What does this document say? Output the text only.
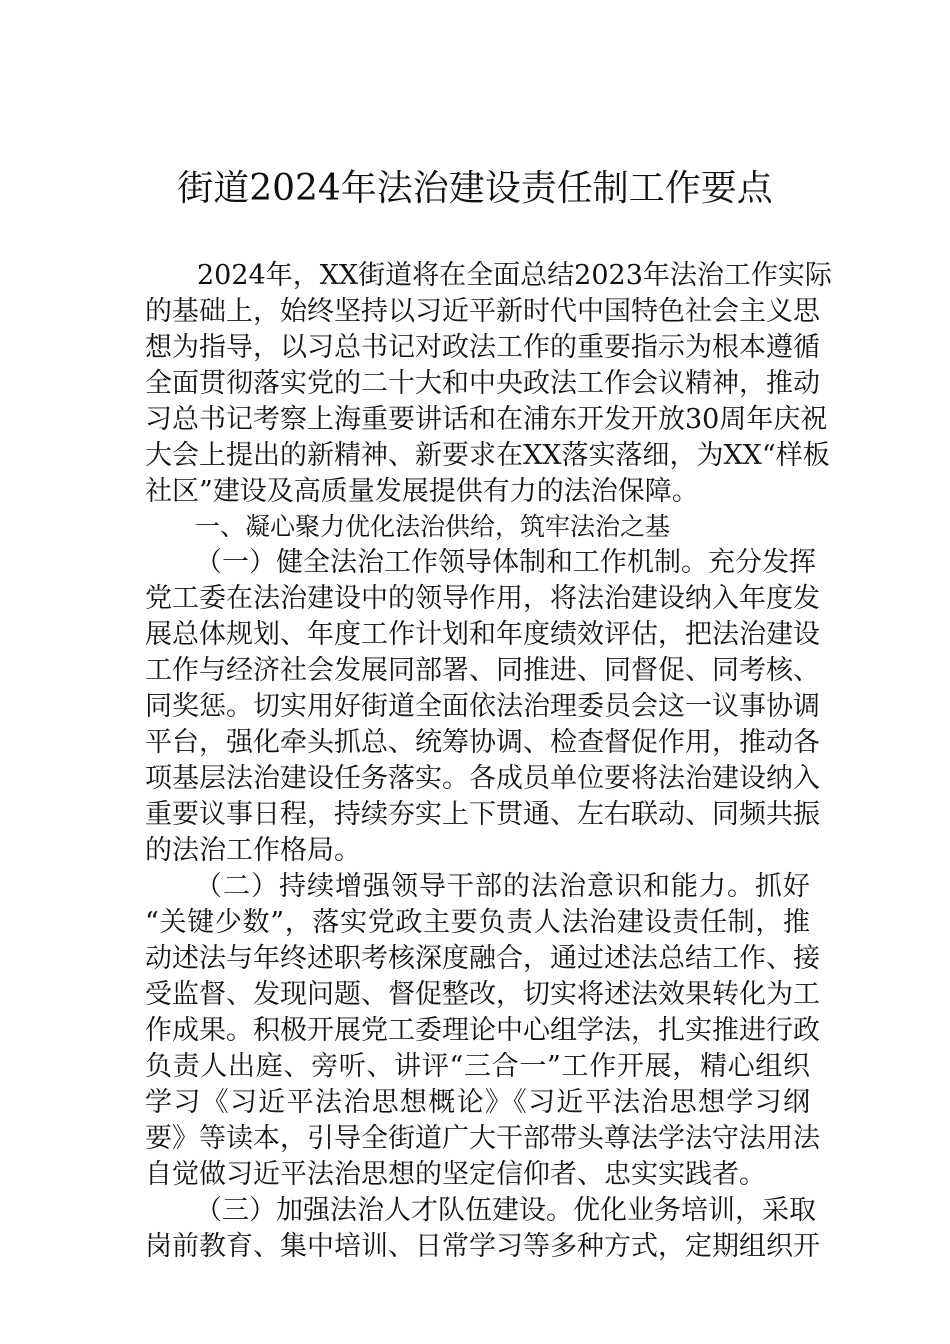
街道2024年法治建设责任制工作要点
2024年，XX街道将在全面总结2023年法治工作实际
的基础上，始终坚持以习近平新时代中国特色社会主义思
想为指导，以习总书记对政法工作的重要指示为根本遵循
全面贯彻落实党的二十大和中央政法工作会议精神，推动
习总书记考察上海重要讲话和在浦东开发开放30周年庆祝
大会上提出的新精神、新要求在XX落实落细，为XX“样板
社区”建设及高质量发展提供有力的法治保障。
一、凝心聚力优化法治供给，筑牢法治之基
（一）健全法治工作领导体制和工作机制。充分发挥
党工委在法治建设中的领导作用，将法治建设纳入年度发
展总体规划、年度工作计划和年度绩效评估，把法治建设
工作与经济社会发展同部署、同推进、同督促、同考核、
同奖惩。切实用好街道全面依法治理委员会这一议事协调
平台，强化牵头抓总、统筹协调、检查督促作用，推动各
项基层法治建设任务落实。各成员单位要将法治建设纳入
重要议事日程，持续夯实上下贯通、左右联动、同频共振
的法治工作格局。
（二）持续增强领导干部的法治意识和能力。抓好
“关键少数”，落实党政主要负责人法治建设责任制，推
动述法与年终述职考核深度融合，通过述法总结工作、接
受监督、发现问题、督促整改，切实将述法效果转化为工
作成果。积极开展党工委理论中心组学法，扎实推进行政
负责人出庭、旁听、讲评“三合一”工作开展，精心组织
学习《习近平法治思想概论》《习近平法治思想学习纲
要》等读本，引导全街道广大干部带头尊法学法守法用法
自觉做习近平法治思想的坚定信仰者、忠实实践者。
（三）加强法治人才队伍建设。优化业务培训，采取
岗前教育、集中培训、日常学习等多种方式，定期组织开
